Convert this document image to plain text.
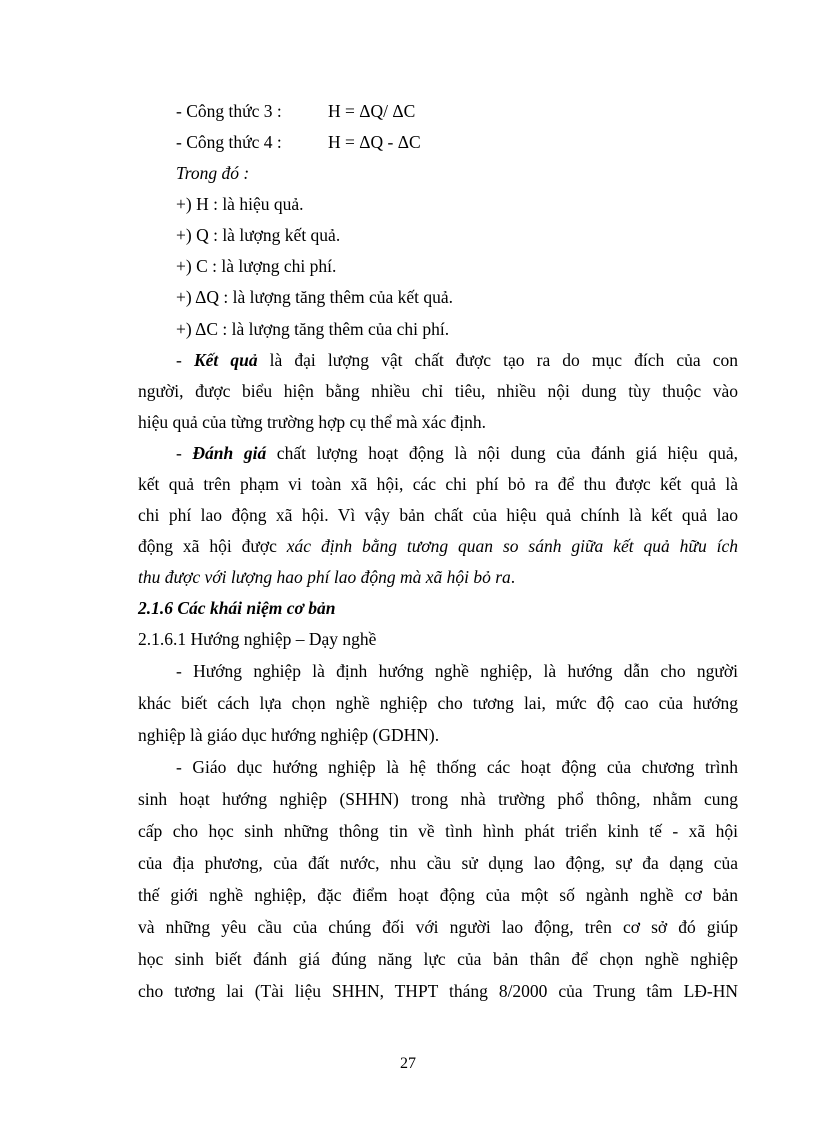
- Công thức 3 :	H = ΔQ/ ΔC
- Công thức 4 :	H = ΔQ - ΔC
Trong đó :
+) H : là hiệu quả.
+) Q : là lượng kết quả.
+) C : là lượng chi phí.
+) ΔQ : là lượng tăng thêm của kết quả.
+) ΔC : là lượng tăng thêm của chi phí.
- Kết quả là đại lượng vật chất được tạo ra do mục đích của con
người, được biểu hiện bằng nhiều chỉ tiêu, nhiều nội dung tùy thuộc vào
hiệu quả của từng trường hợp cụ thể mà xác định.
- Đánh giá chất lượng hoạt động là nội dung của đánh giá hiệu quả,
kết quả trên phạm vi toàn xã hội, các chi phí bỏ ra để thu được kết quả là
chi phí lao động xã hội. Vì vậy bản chất của hiệu quả chính là kết quả lao
động xã hội được xác định bằng tương quan so sánh giữa kết quả hữu ích
thu được với lượng hao phí lao động mà xã hội bỏ ra.
2.1.6 Các khái niệm cơ bản
2.1.6.1 Hướng nghiệp – Dạy nghề
- Hướng nghiệp là định hướng nghề nghiệp, là hướng dẫn cho người
khác biết cách lựa chọn nghề nghiệp cho tương lai, mức độ cao của hướng
nghiệp là giáo dục hướng nghiệp (GDHN).
- Giáo dục hướng nghiệp là hệ thống các hoạt động của chương trình
sinh hoạt hướng nghiệp (SHHN) trong nhà trường phổ thông, nhằm cung
cấp cho học sinh những thông tin về tình hình phát triển kinh tế - xã hội
của địa phương, của đất nước, nhu cầu sử dụng lao động, sự đa dạng của
thế giới nghề nghiệp, đặc điểm hoạt động của một số ngành nghề cơ bản
và những yêu cầu của chúng đối với người lao động, trên cơ sở đó giúp
học sinh biết đánh giá đúng năng lực của bản thân để chọn nghề nghiệp
cho tương lai (Tài liệu SHHN, THPT tháng 8/2000 của Trung tâm LĐ-HN
27
